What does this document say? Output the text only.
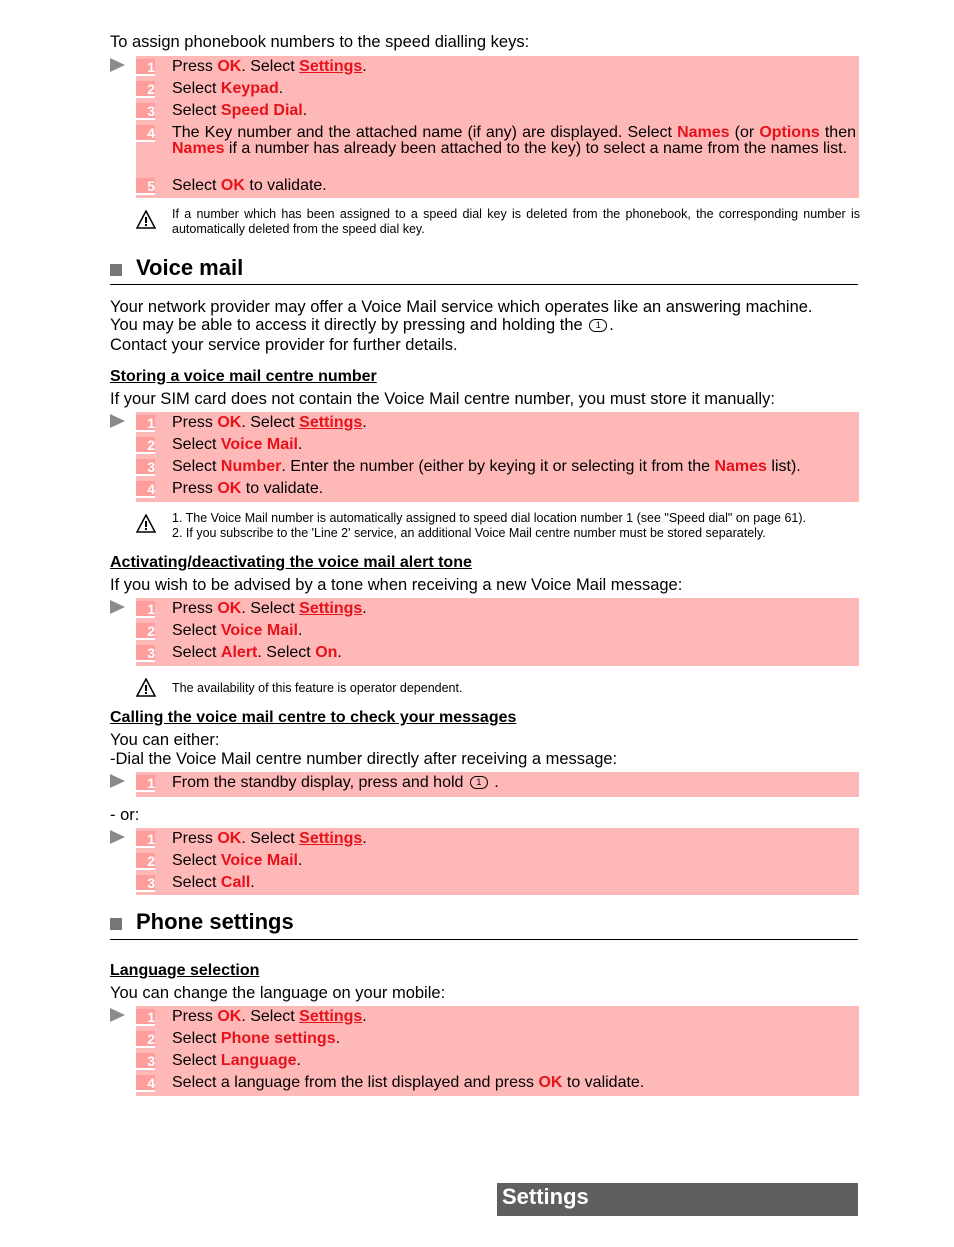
To assign phonebook numbers to the speed dialling keys:
1 Press OK. Select Settings.
2 Select Keypad.
3 Select Speed Dial.
4 The Key number and the attached name (if any) are displayed. Select Names (or Options then Names if a number has already been attached to the key) to select a name from the names list.
5 Select OK to validate.
If a number which has been assigned to a speed dial key is deleted from the phonebook, the corresponding number is automatically deleted from the speed dial key.
Voice mail
Your network provider may offer a Voice Mail service which operates like an answering machine.
You may be able to access it directly by pressing and holding the 1 .
Contact your service provider for further details.
Storing a voice mail centre number
If your SIM card does not contain the Voice Mail centre number, you must store it manually:
1 Press OK. Select Settings.
2 Select Voice Mail.
3 Select Number. Enter the number (either by keying it or selecting it from the Names list).
4 Press OK to validate.
1. The Voice Mail number is automatically assigned to speed dial location number 1 (see "Speed dial" on page 61).
2. If you subscribe to the 'Line 2' service, an additional Voice Mail centre number must be stored separately.
Activating/deactivating the voice mail alert tone
If you wish to be advised by a tone when receiving a new Voice Mail message:
1 Press OK. Select Settings.
2 Select Voice Mail.
3 Select Alert. Select On.
The availability of this feature is operator dependent.
Calling the voice mail centre to check your messages
You can either:
-Dial the Voice Mail centre number directly after receiving a message:
1 From the standby display, press and hold 1 .
- or:
1 Press OK. Select Settings.
2 Select Voice Mail.
3 Select Call.
Phone settings
Language selection
You can change the language on your mobile:
1 Press OK. Select Settings.
2 Select Phone settings.
3 Select Language.
4 Select a language from the list displayed and press OK to validate.
Settings
